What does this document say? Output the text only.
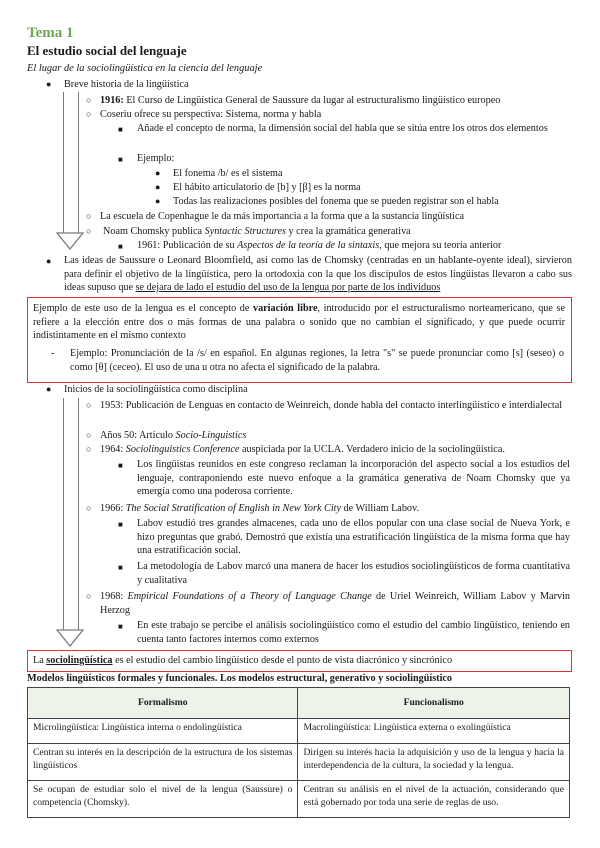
Tema 1
El estudio social del lenguaje
El lugar de la sociolingüística en la ciencia del lenguaje
● Breve historia de la lingüística
○ 1916: El Curso de Lingüística General de Saussure da lugar al estructuralismo lingüístico europeo
○ Coseriu ofrece su perspectiva: Sistema, norma y habla
■ Añade el concepto de norma, la dimensión social del habla que se sitúa entre los otros dos elementos
■ Ejemplo:
● El fonema /b/ es el sistema
● El hábito articulatorio de [b] y [β] es la norma
● Todas las realizaciones posibles del fonema que se pueden registrar son el habla
○ La escuela de Copenhague le da más importancia a la forma que a la sustancia lingüística
○ Noam Chomsky publica Syntactic Structures y crea la gramática generativa
■ 1961: Publicación de su Aspectos de la teoría de la sintaxis, que mejora su teoría anterior
● Las ideas de Saussure o Leonard Bloomfield, así como las de Chomsky (centradas en un hablante-oyente ideal), sirvieron para definir el objetivo de la lingüística, pero la ortodoxia con la que los discípulos de estos lingüistas llevaron a cabo sus ideas supuso que se dejara de lado el estudio del uso de la lengua por parte de los individuos
Ejemplo de este uso de la lengua es el concepto de variación libre, introducido por el estructuralismo norteamericano, que se refiere a la elección entre dos o más formas de una palabra o sonido que no cambian el significado, y que puede ocurrir indistintamente en el mismo contexto
- Ejemplo: Pronunciación de la /s/ en español. En algunas regiones, la letra "s" se puede pronunciar como [s] (seseo) o como [θ] (ceceo). El uso de una u otra no afecta el significado de la palabra.
● Inicios de la sociolingüística como disciplina
○ 1953: Publicación de Lenguas en contacto de Weinreich, donde habla del contacto interlingüístico e interdialectal
○ Años 50: Artículo Socio-Linguistics
○ 1964: Sociolinguistics Conference auspiciada por la UCLA. Verdadero inicio de la sociolingüística.
■ Los lingüistas reunidos en este congreso reclaman la incorporación del aspecto social a los estudios del lenguaje, contraponiendo este nuevo enfoque a la gramática generativa de Noam Chomsky que ya emergía como una poderosa corriente.
○ 1966: The Social Stratification of English in New York City de William Labov.
■ Labov estudió tres grandes almacenes, cada uno de ellos popular con una clase social de Nueva York, e hizo preguntas que grabó. Demostró que existía una estratificación lingüística de la misma forma que hay una estratificación social.
■ La metodología de Labov marcó una manera de hacer los estudios sociolingüísticos de forma cuantitativa y cualitativa
○ 1968: Empirical Foundations of a Theory of Language Change de Uriel Weinreich, William Labov y Marvin Herzog
■ En este trabajo se percibe el análisis sociolingüístico como el estudio del cambio lingüístico, teniendo en cuenta tanto factores internos como externos
La sociolingüística es el estudio del cambio lingüístico desde el punto de vista diacrónico y sincrónico
Modelos lingüísticos formales y funcionales. Los modelos estructural, generativo y sociolingüístico
Formalismo	Funcionalismo
Microlingüística: Lingüística interna o endolingüística	Macrolingüística: Lingüística externa o exolingüística
Centran su interés en la descripción de la estructura de los sistemas lingüísticos	Dirigen su interés hacia la adquisición y uso de la lengua y hacia la interdependencia de la cultura, la sociedad y la lengua.
Se ocupan de estudiar solo el nivel de la lengua (Saussure) o competencia (Chomsky).	Centran su análisis en el nivel de la actuación, considerando que está gobernado por toda una serie de reglas de uso.
